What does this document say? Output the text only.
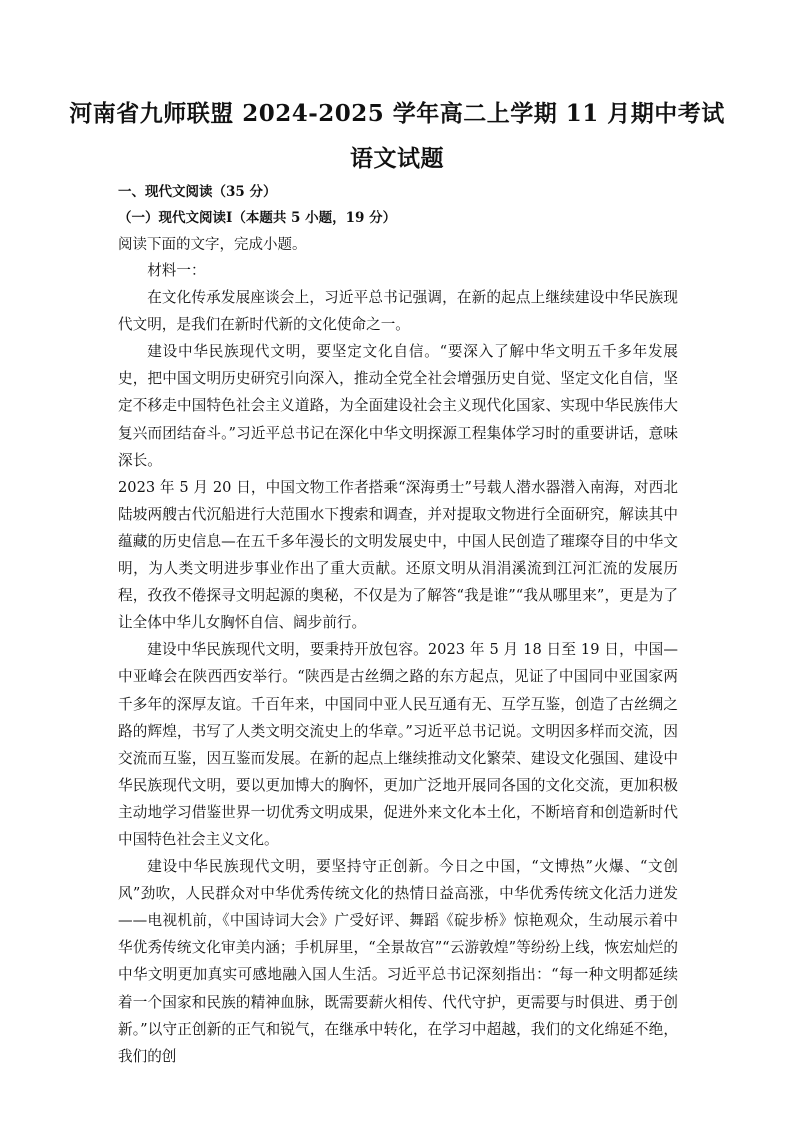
河南省九师联盟 2024-2025 学年高二上学期 11 月期中考试
语文试题
一、现代文阅读（35 分）
（一）现代文阅读Ⅰ（本题共 5 小题，19 分）
阅读下面的文字，完成小题。

材料一：

在文化传承发展座谈会上，习近平总书记强调，在新的起点上继续建设中华民族现代文明，是我们在新时代新的文化使命之一。

建设中华民族现代文明，要坚定文化自信。“要深入了解中华文明五千多年发展史，把中国文明历史研究引向深入，推动全党全社会增强历史自觉、坚定文化自信，坚定不移走中国特色社会主义道路，为全面建设社会主义现代化国家、实现中华民族伟大复兴而团结奋斗。”习近平总书记在深化中华文明探源工程集体学习时的重要讲话，意味深长。

2023 年 5 月 20 日，中国文物工作者搭乘“深海勇士”号载人潜水器潜入南海，对西北陆坡两艘古代沉船进行大范围水下搜索和调查，并对提取文物进行全面研究，解读其中蕴藏的历史信息—在五千多年漫长的文明发展史中，中国人民创造了璀璨夺目的中华文明，为人类文明进步事业作出了重大贡献。还原文明从涓涓溪流到江河汇流的发展历程，孜孜不倦探寻文明起源的奥秘，不仅是为了解答“我是谁”“我从哪里来”，更是为了让全体中华儿女胸怀自信、阔步前行。

建设中华民族现代文明，要秉持开放包容。2023 年 5 月 18 日至 19 日，中国—中亚峰会在陕西西安举行。“陕西是古丝绸之路的东方起点，见证了中国同中亚国家两千多年的深厚友谊。千百年来，中国同中亚人民互通有无、互学互鉴，创造了古丝绸之路的辉煌，书写了人类文明交流史上的华章。”习近平总书记说。文明因多样而交流，因交流而互鉴，因互鉴而发展。在新的起点上继续推动文化繁荣、建设文化强国、建设中华民族现代文明，要以更加博大的胸怀，更加广泛地开展同各国的文化交流，更加积极主动地学习借鉴世界一切优秀文明成果，促进外来文化本土化，不断培育和创造新时代中国特色社会主义文化。

建设中华民族现代文明，要坚持守正创新。今日之中国，“文博热”火爆、“文创风”劲吹，人民群众对中华优秀传统文化的热情日益高涨，中华优秀传统文化活力迸发——电视机前，《中国诗词大会》广受好评、舞蹈《碇步桥》惊艳观众，生动展示着中华优秀传统文化审美内涵；手机屏里，“全景故宫”“云游敦煌”等纷纷上线，恢宏灿烂的中华文明更加真实可感地融入国人生活。习近平总书记深刻指出：“每一种文明都延续着一个国家和民族的精神血脉，既需要薪火相传、代代守护，更需要与时俱进、勇于创新。”以守正创新的正气和锐气，在继承中转化，在学习中超越，我们的文化绵延不绝，我们的创
